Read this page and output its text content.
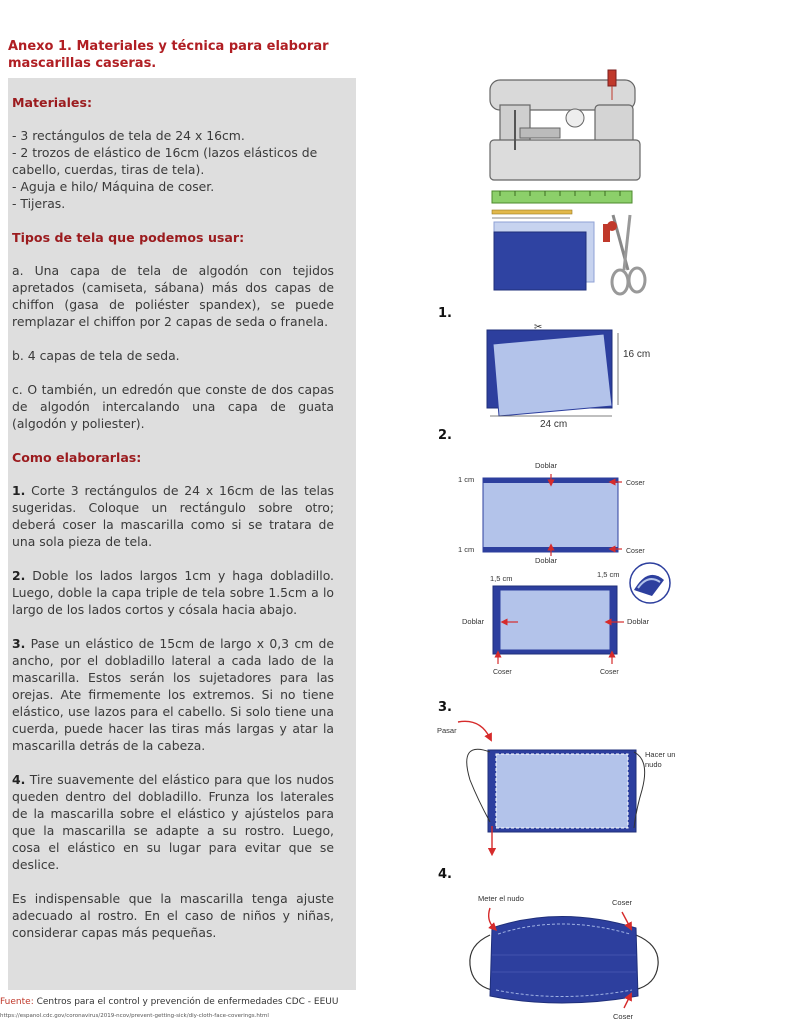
Anexo 1. Materiales y técnica para elaborar mascarillas caseras.

Materiales:

- 3 rectángulos de tela de 24 x 16cm.

- 2 trozos de elástico de 16cm (lazos elásticos de cabello, cuerdas, tiras de tela).

- Aguja e hilo/ Máquina de coser.

- Tijeras.

Tipos de tela que podemos usar:

a. Una capa de tela de algodón con tejidos apretados (camiseta, sábana) más dos capas de chiffon (gasa de poliéster spandex), se puede remplazar el chiffon por 2 capas de seda o franela.

b. 4 capas de tela de seda.

c. O también, un edredón que conste de dos capas de algodón intercalando una capa de guata (algodón y poliester).

Como elaborarlas:

1. Corte 3 rectángulos de 24 x 16cm de las telas sugeridas. Coloque un rectángulo sobre otro; deberá coser la mascarilla como si se tratara de una sola pieza de tela.

2. Doble los lados largos 1cm y haga dobladillo. Luego, doble la capa triple de tela sobre 1.5cm a lo largo de los lados cortos y cósala hacia abajo.

3. Pase un elástico de 15cm de largo x 0,3 cm de ancho, por el dobladillo lateral a cada lado de la mascarilla. Estos serán los sujetadores para las orejas. Ate firmemente los extremos. Si no tiene elástico, use lazos para el cabello. Si solo tiene una cuerda, puede hacer las tiras más largas y atar la mascarilla detrás de la cabeza.

4. Tire suavemente del elástico para que los nudos queden dentro del dobladillo. Frunza los laterales de la mascarilla sobre el elástico y ajústelos para que la mascarilla se adapte a su rostro. Luego, cosa el elástico en su lugar para evitar que se deslice.

Es indispensable que la mascarilla tenga ajuste adecuado al rostro. En el caso de niños y niñas, considerar capas más pequeñas.

Fuente: Centros para el control y prevención de enfermedades CDC - EEUU
https://espanol.cdc.gov/coronavirus/2019-ncov/prevent-getting-sick/diy-cloth-face-coverings.html
1.
2.
3.
4.
✂
16 cm
24 cm
Doblar
Coser
Coser
1 cm
1 cm
Doblar
1,5 cm	1,5 cm
Doblar	Doblar
Coser	Coser
Pasar
Hacer un
nudo
Meter el nudo	Coser
Coser
